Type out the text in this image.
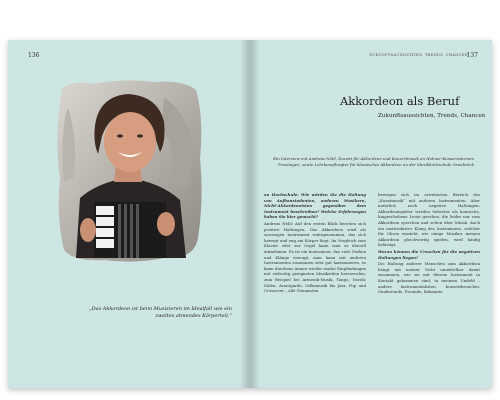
136
„Das Akkordeon ist beim Musizieren im Idealfall wie ein zweites atmendes Körperteil.“
ZUKUNFTSAUSSICHTEN, TRENDS, CHANCEN
137
Akkordeon als Beruf
Zukunftsaussichten, Trends, Chancen
Ein Interview mit Andreas Nebl, Dozent für Akkordeon und Konzertmusik an Hohner-Konservatorium Trossingen, sowie Lehrbeauftragter für klassisches Akkordeon an der Musikhochschule Osnabrück

an Hochschule: Wie würden Sie die Haltung von Aufbaustudenten, anderen Musikern, Nicht-Akkordeonisten gegenüber dem Instrument beschreiben? Welche Erfahrungen haben Sie hier gemacht?

Andreas Nebl: Auf den ersten Blick bereiten sich positive Haltungen. Das Akkordeon wird als sozusagen Instrument wahrgenommen, das sich bewegt und eng am Körper liegt. Im Vergleich zum Klavier oder zur Orgel kann man es überall mitnehmen. Es ist ein Instrument, das viele Farben und Klänge erzeugt, man kann mit anderen Instrumenten zusammen sehr gut harmonieren, es kann durchaus immer wieder starke Empfindungen mit vielseitig geeigneten Musikstilen hervorrufen, zum Beispiel bei Armenik-Musik, Tango, Nordic Stilen, Avantgarde, Volksmusik bis Jazz, Pop und Crossover – alle Genannten

bewegen sich im erweiterten Bereich des „Kunstmusik“ mit anderen Instrumenten. Aber natürlich auch negative Haltungen: Akkordeonspieler werden teilweise als komische, hingeschobene Leute gesehen, die leider nur vom Akkordeon sprechen und selten über Musik. Auch ein unattraktiver Klang des Instruments, welcher für Ohren einsieht, wie einige Musiker meinen Akkordeon gleichwertig spielen, wird häufig belästigt.

Woran können die Ursachen für die negativen Haltungen liegen?

Die Haltung anderer Menschen zum Akkordeon hängt mit meiner Sicht unmittelbar damit zusammen, wie sie mit diesem Instrument in Kontakt gekommen sind, in meinem Umfeld – andere Instrumentalisten, Konzertbesucher, Studierende, Freunde, Bekannte
